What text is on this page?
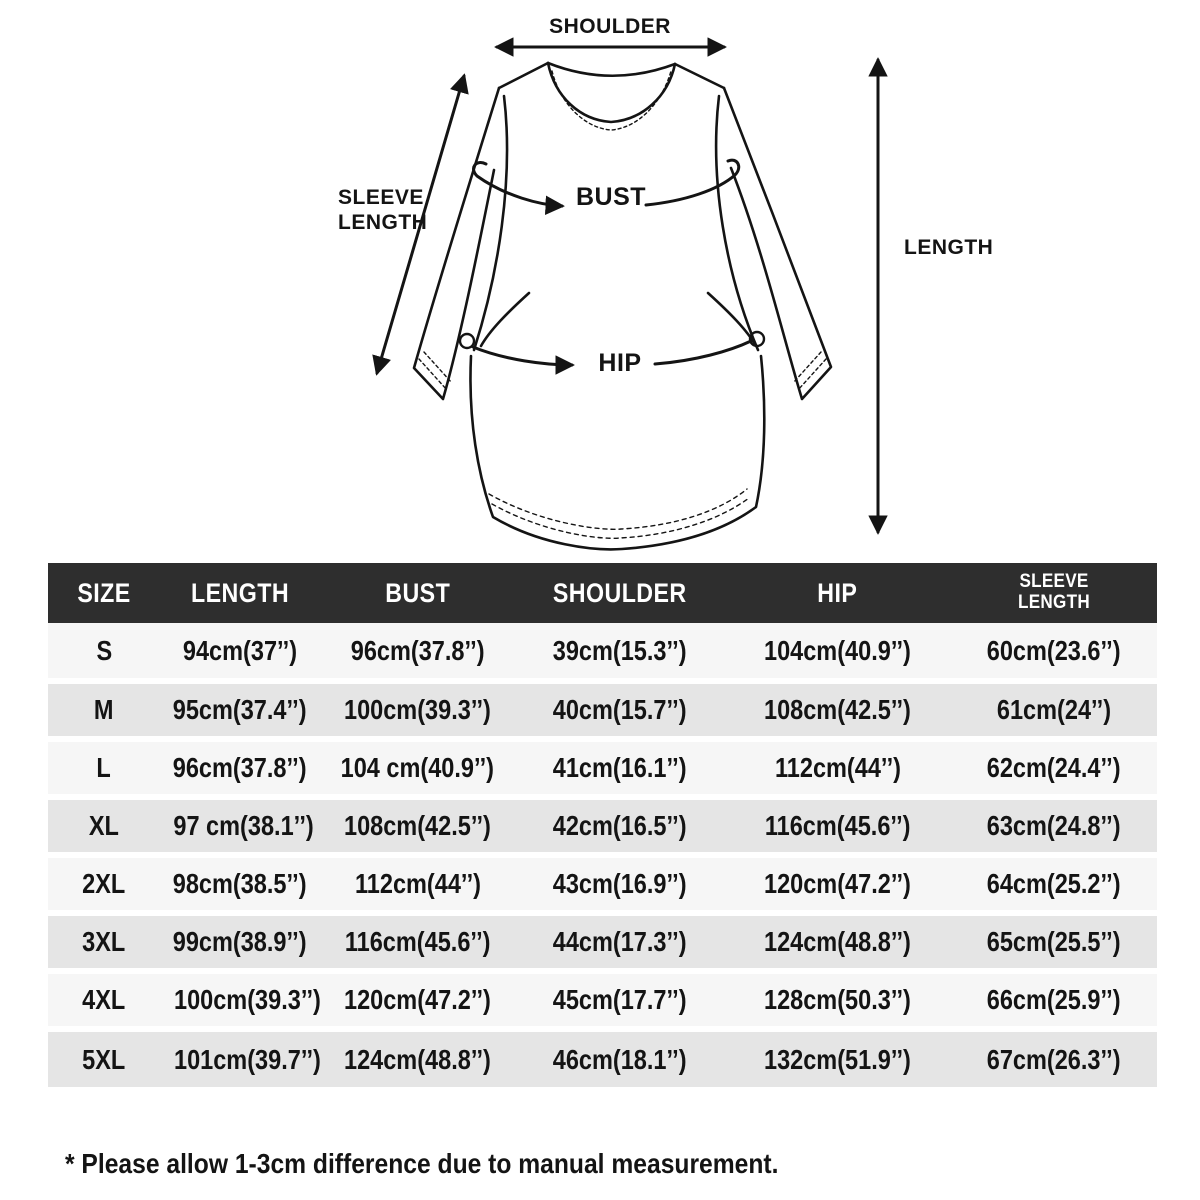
SHOULDER
SLEEVE
LENGTH
BUST
HIP
LENGTH
SIZE	LENGTH	BUST	SHOULDER	HIP	SLEEVE LENGTH
S	94cm(37’’)	96cm(37.8’’)	39cm(15.3’’)	104cm(40.9’’)	60cm(23.6’’)
M	95cm(37.4’’)	100cm(39.3’’)	40cm(15.7’’)	108cm(42.5’’)	61cm(24’’)
L	96cm(37.8’’)	104 cm(40.9’’)	41cm(16.1’’)	112cm(44’’)	62cm(24.4’’)
XL	97 cm(38.1’’)	108cm(42.5’’)	42cm(16.5’’)	116cm(45.6’’)	63cm(24.8’’)
2XL	98cm(38.5’’)	112cm(44’’)	43cm(16.9’’)	120cm(47.2’’)	64cm(25.2’’)
3XL	99cm(38.9’’)	116cm(45.6’’)	44cm(17.3’’)	124cm(48.8’’)	65cm(25.5’’)
4XL	100cm(39.3’’)	120cm(47.2’’)	45cm(17.7’’)	128cm(50.3’’)	66cm(25.9’’)
5XL	101cm(39.7’’)	124cm(48.8’’)	46cm(18.1’’)	132cm(51.9’’)	67cm(26.3’’)
* Please allow 1-3cm difference due to manual measurement.
